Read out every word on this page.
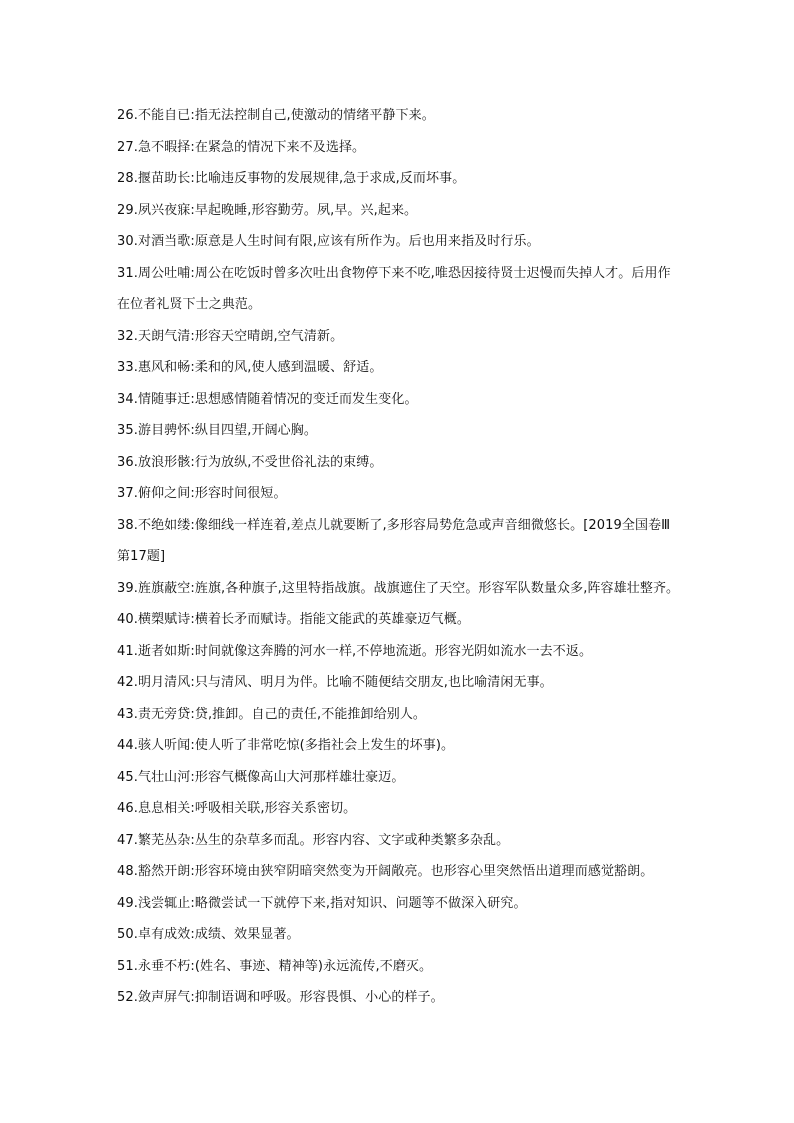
26.不能自已:指无法控制自己,使激动的情绪平静下来。

27.急不暇择:在紧急的情况下来不及选择。

28.揠苗助长:比喻违反事物的发展规律,急于求成,反而坏事。

29.夙兴夜寐:早起晚睡,形容勤劳。夙,早。兴,起来。

30.对酒当歌:原意是人生时间有限,应该有所作为。后也用来指及时行乐。

31.周公吐哺:周公在吃饭时曾多次吐出食物停下来不吃,唯恐因接待贤士迟慢而失掉人才。后用作在位者礼贤下士之典范。

32.天朗气清:形容天空晴朗,空气清新。

33.惠风和畅:柔和的风,使人感到温暖、舒适。

34.情随事迁:思想感情随着情况的变迁而发生变化。

35.游目骋怀:纵目四望,开阔心胸。

36.放浪形骸:行为放纵,不受世俗礼法的束缚。

37.俯仰之间:形容时间很短。

38.不绝如缕:像细线一样连着,差点儿就要断了,多形容局势危急或声音细微悠长。[2019全国卷Ⅲ第17题]

39.旌旗蔽空:旌旗,各种旗子,这里特指战旗。战旗遮住了天空。形容军队数量众多,阵容雄壮整齐。

40.横槊赋诗:横着长矛而赋诗。指能文能武的英雄豪迈气概。

41.逝者如斯:时间就像这奔腾的河水一样,不停地流逝。形容光阴如流水一去不返。

42.明月清风:只与清风、明月为伴。比喻不随便结交朋友,也比喻清闲无事。

43.责无旁贷:贷,推卸。自己的责任,不能推卸给别人。

44.骇人听闻:使人听了非常吃惊(多指社会上发生的坏事)。

45.气壮山河:形容气概像高山大河那样雄壮豪迈。

46.息息相关:呼吸相关联,形容关系密切。

47.繁芜丛杂:丛生的杂草多而乱。形容内容、文字或种类繁多杂乱。

48.豁然开朗:形容环境由狭窄阴暗突然变为开阔敞亮。也形容心里突然悟出道理而感觉豁朗。

49.浅尝辄止:略微尝试一下就停下来,指对知识、问题等不做深入研究。

50.卓有成效:成绩、效果显著。

51.永垂不朽:(姓名、事迹、精神等)永远流传,不磨灭。

52.敛声屏气:抑制语调和呼吸。形容畏惧、小心的样子。
